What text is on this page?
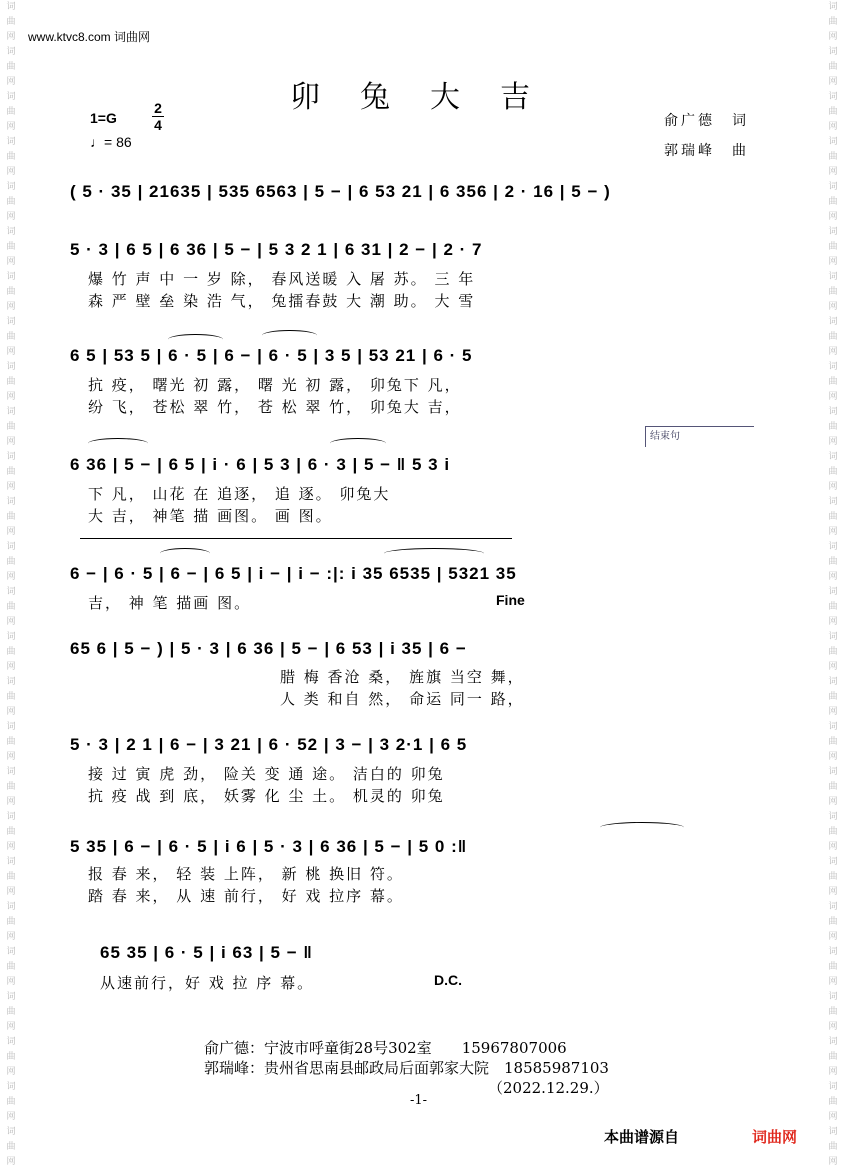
词曲网 词曲网 词曲网 词曲网 词曲网 词曲网 词曲网 词曲网 词曲网 词曲网 词曲网 词曲网 词曲网 词曲网 词曲网 词曲网 词曲网 词曲网 词曲网 词曲网 词曲网 词曲网 词曲网 词曲网 词曲网 词曲网
词曲网 词曲网 词曲网 词曲网 词曲网 词曲网 词曲网 词曲网 词曲网 词曲网 词曲网 词曲网 词曲网 词曲网 词曲网 词曲网 词曲网 词曲网 词曲网 词曲网 词曲网 词曲网 词曲网 词曲网 词曲网 词曲网
www.ktvc8.com 词曲网
卯兔大吉
1=G
2
4
♩= 86
俞广德　词
郭瑞峰　曲
( 5 · 35 | 21635 | 535 6563 | 5 − | 6 53 21 | 6 356 | 2 · 16 | 5 − )
5 · 3 | 6 5 | 6 36 | 5 − | 5 3 2 1 | 6 31 | 2 − | 2 · 7
爆 竹 声 中 一 岁 除， 春风送暖 入 屠 苏。 三 年
森 严 壁 垒 染 浩 气， 兔擂春鼓 大 潮 助。 大 雪
6 5 | 53 5 | 6 · 5 | 6 − | 6 · 5 | 3 5 | 53 21 | 6 · 5
抗 疫， 曙光 初 露， 曙 光 初 露， 卯兔下 凡，
纷 飞， 苍松 翠 竹， 苍 松 翠 竹， 卯兔大 吉，
结束句
6 36 | 5 − | 6 5 | i · 6 | 5 3 | 6 · 3 | 5 − ‖ 5 3 i
下 凡， 山花 在 追逐， 追 逐。 卯兔大
大 吉， 神笔 描 画图。 画 图。
6 − | 6 · 5 | 6 − | 6 5 | i − | i − :|: i 35 6535 | 5321 35
吉， 神 笔 描画 图。	Fine
65 6 | 5 − ) | 5 · 3 | 6 36 | 5 − | 6 53 | i 35 | 6 −
腊 梅 香沧 桑， 旌旗 当空 舞，
人 类 和自 然， 命运 同一 路，
5 · 3 | 2 1 | 6 − | 3 21 | 6 · 52 | 3 − | 3 2·1 | 6 5
接 过 寅 虎 劲， 险关 变 通 途。 洁白的 卯兔
抗 疫 战 到 底， 妖雾 化 尘 土。 机灵的 卯兔
5 35 | 6 − | 6 · 5 | i 6 | 5 · 3 | 6 36 | 5 − | 5 0 :‖
报 春 来， 轻 装 上阵， 新 桃 换旧 符。
踏 春 来， 从 速 前行， 好 戏 拉序 幕。
65 35 | 6 · 5 | i 63 | 5 − ‖
从速前行，好 戏 拉 序 幕。	D.C.
俞广德：宁波市呼童街28号302室　　15967807006
郭瑞峰：贵州省思南县邮政局后面郭家大院　18585987103
（2022.12.29.）
-1-
本曲谱源自	词曲网
